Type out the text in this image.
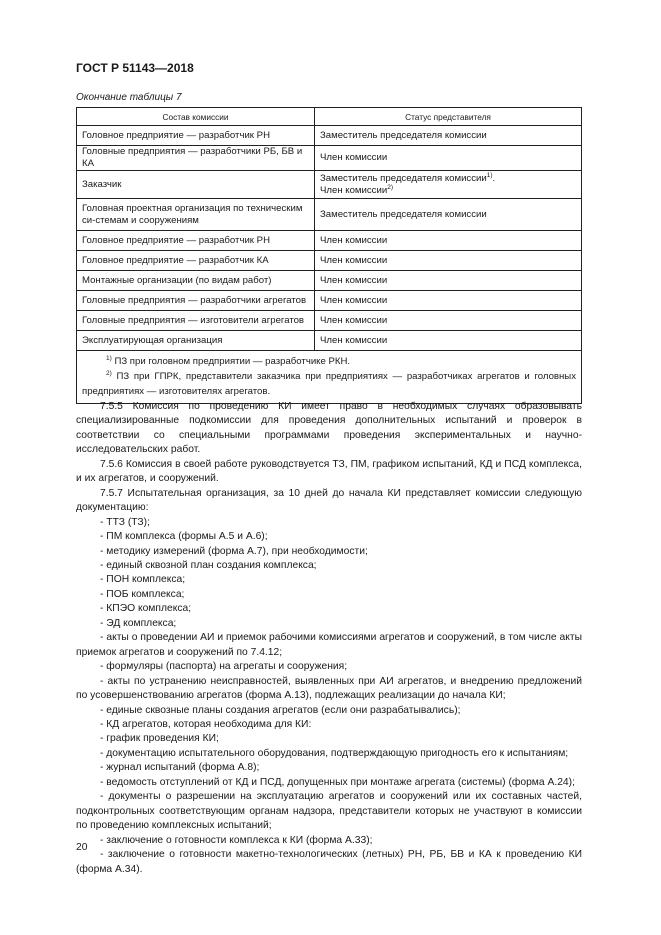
ГОСТ Р 51143—2018
Окончание таблицы 7
Состав комиссии	Статус представителя
Головное предприятие — разработчик РН	Заместитель председателя комиссии
Головные предприятия — разработчики РБ, БВ и КА	Член комиссии
Заказчик	Заместитель председателя комиссии$^{1)}$.
Член комиссии$^{2)}$
Головная проектная организация по техническим си-стемам и сооружениям	Заместитель председателя комиссии
Головное предприятие — разработчик РН	Член комиссии
Головное предприятие — разработчик КА	Член комиссии
Монтажные организации (по видам работ)	Член комиссии
Головные предприятия — разработчики агрегатов	Член комиссии
Головные предприятия — изготовители агрегатов	Член комиссии
Эксплуатирующая организация	Член комиссии

$^{1)}$ ПЗ при головном предприятии — разработчике РКН.
$^{2)}$ ПЗ при ГПРК, представители заказчика при предприятиях — разработчиках агрегатов и головных предприятиях — изготовителях агрегатов.	

7.5.5 Комиссия по проведению КИ имеет право в необходимых случаях образовывать специализированные подкомиссии для проведения дополнительных испытаний и проверок в соответствии со специальными программами проведения экспериментальных и научно-исследовательских работ.

7.5.6 Комиссия в своей работе руководствуется ТЗ, ПМ, графиком испытаний, КД и ПСД комплекса, и их агрегатов, и сооружений.

7.5.7 Испытательная организация, за 10 дней до начала КИ представляет комиссии следующую документацию:

- ТТЗ (ТЗ);

- ПМ комплекса (формы А.5 и А.6);

- методику измерений (форма А.7), при необходимости;

- единый сквозной план создания комплекса;

- ПОН комплекса;

- ПОБ комплекса;

- КПЭО комплекса;

- ЭД комплекса;

- акты о проведении АИ и приемок рабочими комиссиями агрегатов и сооружений, в том числе акты приемок агрегатов и сооружений по 7.4.12;

- формуляры (паспорта) на агрегаты и сооружения;

- акты по устранению неисправностей, выявленных при АИ агрегатов, и внедрению предложений по усовершенствованию агрегатов (форма А.13), подлежащих реализации до начала КИ;

- единые сквозные планы создания агрегатов (если они разрабатывались);

- КД агрегатов, которая необходима для КИ:

- график проведения КИ;

- документацию испытательного оборудования, подтверждающую пригодность его к испытаниям;

- журнал испытаний (форма А.8);

- ведомость отступлений от КД и ПСД, допущенных при монтаже агрегата (системы) (форма А.24);

- документы о разрешении на эксплуатацию агрегатов и сооружений или их составных частей, подконтрольных соответствующим органам надзора, представители которых не участвуют в комиссии по проведению комплексных испытаний;

- заключение о готовности комплекса к КИ (форма А.33);

- заключение о готовности макетно-технологических (летных) РН, РБ, БВ и КА к проведению КИ (форма А.34).

20
